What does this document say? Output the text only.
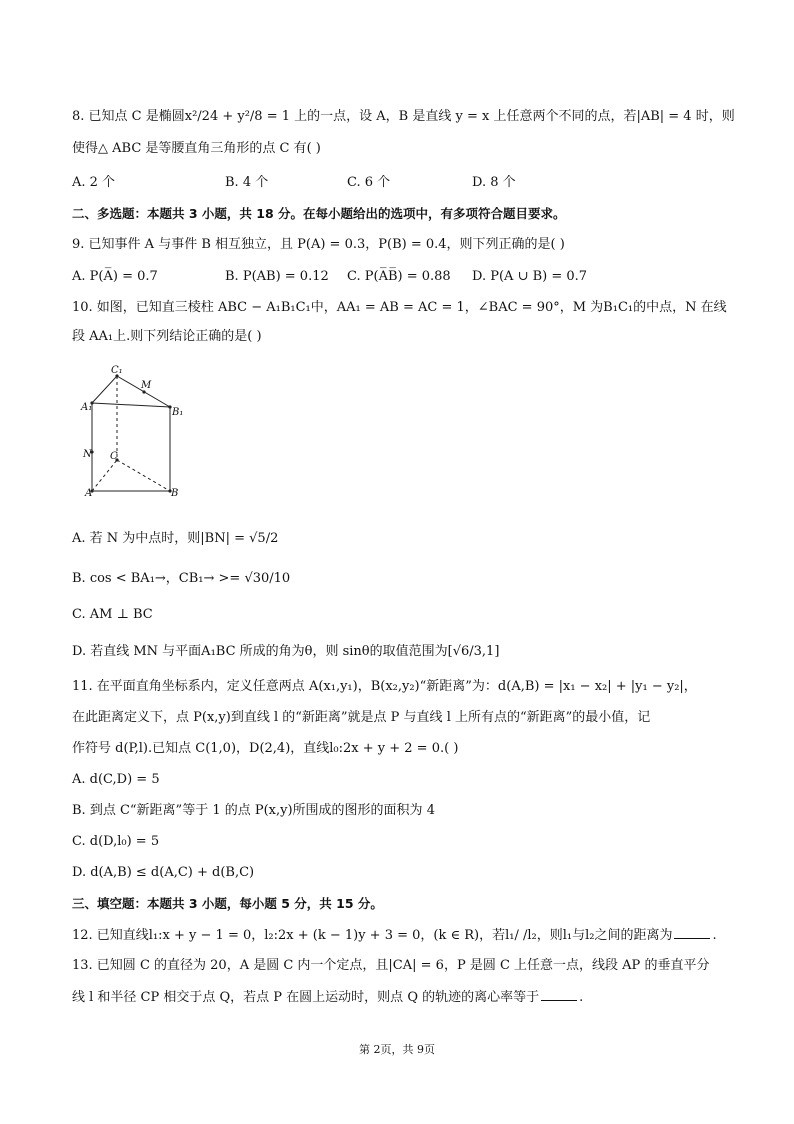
8. 已知点 C 是椭圆x²/24 + y²/8 = 1 上的一点，设 A，B 是直线 y = x 上任意两个不同的点，若|AB| = 4 时，则
使得△ ABC 是等腰直角三角形的点 C 有( )
A. 2 个	B. 4 个	C. 6 个	D. 8 个
二、多选题：本题共 3 小题，共 18 分。在每小题给出的选项中，有多项符合题目要求。
9. 已知事件 A 与事件 B 相互独立，且 P(A) = 0.3，P(B) = 0.4，则下列正确的是( )
A. P(A̅) = 0.7	B. P(AB) = 0.12 C. P(A̅B̅) = 0.88 D. P(A ∪ B) = 0.7
10. 如图，已知直三棱柱 ABC − A₁B₁C₁中，AA₁ = AB = AC = 1，∠BAC = 90°，M 为B₁C₁的中点，N 在线
段 AA₁上.则下列结论正确的是( )
C₁
M
A₁	B₁
N C
A	B
A. 若 N 为中点时，则|BN| = √5/2
B. cos < BA₁→，CB₁→ >= √30/10
C. AM ⊥ BC
D. 若直线 MN 与平面A₁BC 所成的角为θ，则 sinθ的取值范围为[√6/3,1]
11. 在平面直角坐标系内，定义任意两点 A(x₁,y₁)，B(x₂,y₂)“新距离”为：d(A,B) = |x₁ − x₂| + |y₁ − y₂|，
在此距离定义下，点 P(x,y)到直线 l 的“新距离”就是点 P 与直线 l 上所有点的“新距离”的最小值，记
作符号 d(P,l).已知点 C(1,0)，D(2,4)，直线l₀:2x + y + 2 = 0.( )
A. d(C,D) = 5
B. 到点 C“新距离”等于 1 的点 P(x,y)所围成的图形的面积为 4
C. d(D,l₀) = 5
D. d(A,B) ≤ d(A,C) + d(B,C)
三、填空题：本题共 3 小题，每小题 5 分，共 15 分。
12. 已知直线l₁:x + y − 1 = 0，l₂:2x + (k − 1)y + 3 = 0，(k ∈ R)，若l₁/ /l₂，则l₁与l₂之间的距离为	.
13. 已知圆 C 的直径为 20，A 是圆 C 内一个定点，且|CA| = 6，P 是圆 C 上任意一点，线段 AP 的垂直平分
线 l 和半径 CP 相交于点 Q，若点 P 在圆上运动时，则点 Q 的轨迹的离心率等于	.
第 2页，共 9页
